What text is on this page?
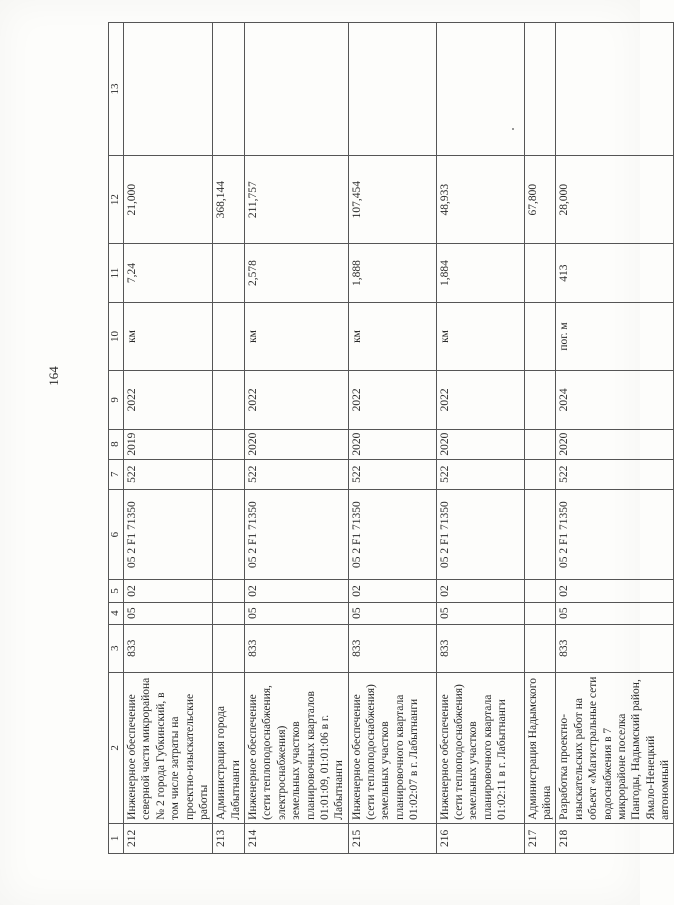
164
1	2	3	4	5	6	7	8	9	10	11	12	13
212	Инженерное обеспечение северной части микрорайона № 2 города Губкинский, в том числе затраты на проектно-изыскательские работы	833	05	02	05 2 F1 71350	522	2019	2022	км	7,24	21,000	
213	Администрация города Лабытнанги										368,144	
214	Инженерное обеспечение (сети теплоподоснабжения, электроснабжения) земельных участков планировочных кварталов 01:01:09, 01:01:06 в г. Лабытнанги	833	05	02	05 2 F1 71350	522	2020	2022	км	2,578	211,757	
215	Инженерное обеспечение (сети теплоподоснабжения) земельных участков планировочного квартала 01:02:07 в г. Лабытнанги	833	05	02	05 2 F1 71350	522	2020	2022	км	1,888	107,454	
216	Инженерное обеспечение (сети теплоподоснабжения) земельных участков планировочного квартала 01:02:11 в г. Лабытнанги	833	05	02	05 2 F1 71350	522	2020	2022	км	1,884	48,933	
217	Администрация Надымского района										67,800	
218	Разработка проектно-изыскательских работ на объект «Магистральные сети водоснабжения в 7 микрорайоне поселка Пангоды, Надымский район, Ямало-Ненецкий автономный	833	05	02	05 2 F1 71350	522	2020	2024	пог. м	413	28,000	
